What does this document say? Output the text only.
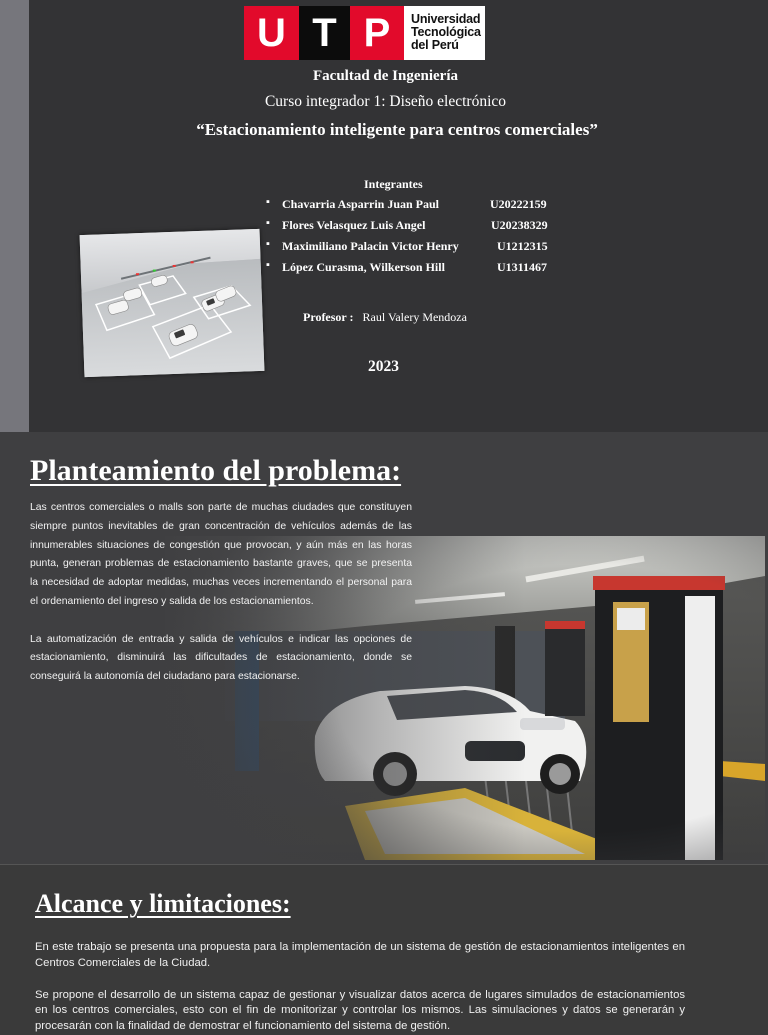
U T P	Universidad
Tecnológica
del Perú
Facultad de Ingeniería
Curso integrador 1: Diseño electrónico
“Estacionamiento inteligente para centros comerciales”
Integrantes
▪ Chavarria Asparrin Juan Paul	U20222159
▪ Flores Velasquez Luis Angel	U20238329
▪ Maximiliano Palacin Victor Henry	U1212315
▪ López Curasma, Wilkerson Hill	U1311467
Profesor : Raul Valery Mendoza
2023
Planteamiento del problema:

Las centros comerciales o malls son parte de muchas ciudades que constituyen siempre puntos inevitables de gran concentración de vehículos además de las innumerables situaciones de congestión que provocan, y aún más en las horas punta, generan problemas de estacionamiento bastante graves, que se presenta la necesidad de adoptar medidas, muchas veces incrementando el personal para el ordenamiento del ingreso y salida de los estacionamientos.

La automatización de entrada y salida de vehículos e indicar las opciones de estacionamiento, disminuirá las dificultades de estacionamiento, donde se conseguirá la autonomía del ciudadano para estacionarse.

Alcance y limitaciones:

En este trabajo se presenta una propuesta para la implementación de un sistema de gestión de estacionamientos inteligentes en Centros Comerciales de la Ciudad.

Se propone el desarrollo de un sistema capaz de gestionar y visualizar datos acerca de lugares simulados de estacionamientos en los centros comerciales, esto con el fin de monitorizar y controlar los mismos. Las simulaciones y datos se generarán y procesarán con la finalidad de demostrar el funcionamiento del sistema de gestión.
